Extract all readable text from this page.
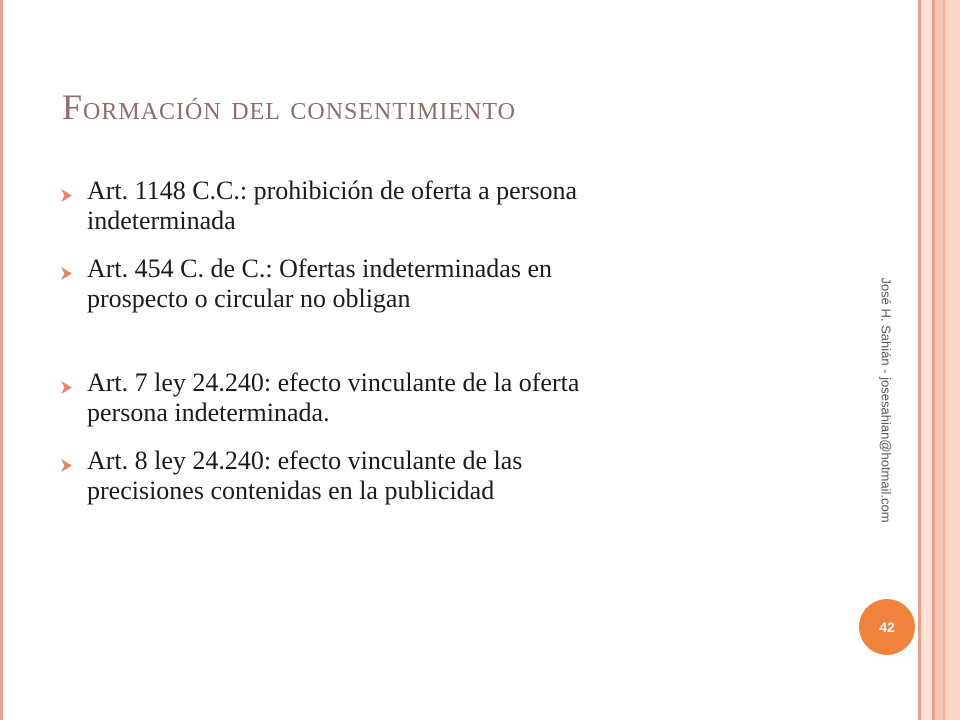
Formación del consentimiento
Art. 1148 C.C.: prohibición de oferta a persona
indeterminada
Art. 454 C. de C.: Ofertas indeterminadas en
prospecto o circular no obligan
Art. 7 ley 24.240: efecto vinculante de la oferta
persona indeterminada.
Art. 8 ley 24.240: efecto vinculante de las
precisiones contenidas en la publicidad	José H. Sahián - josesahian@hotmail.com
42
